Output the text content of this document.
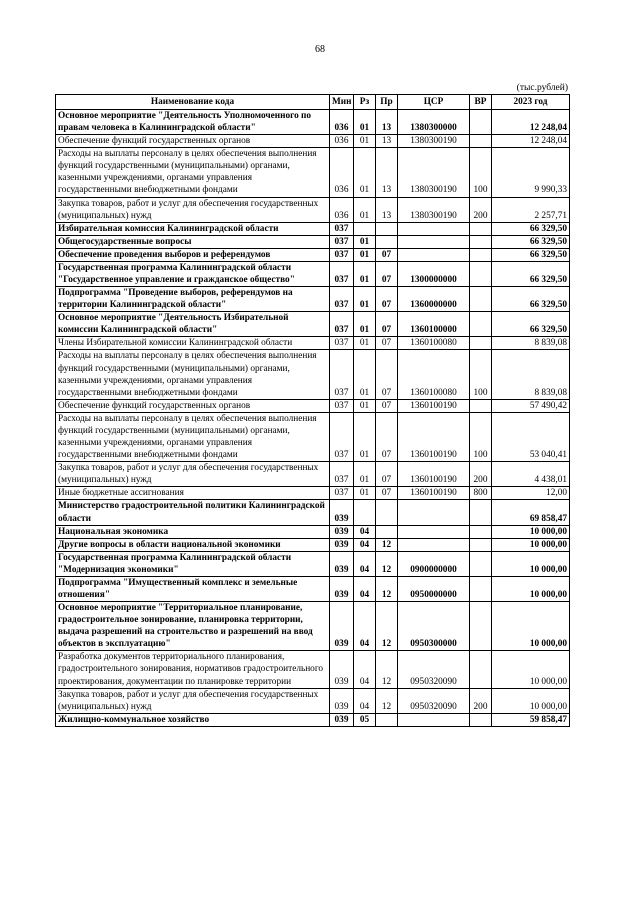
68
(тыс.рублей)
Наименование кода	Мин	Рз	Пр	ЦСР	ВР	2023 год
Основное мероприятие "Деятельность Уполномоченного по правам человека в Калининградской области"	036	01	13	1380300000		12 248,04
Обеспечение функций государственных органов	036	01	13	1380300190		12 248,04
Расходы на выплаты персоналу в целях обеспечения выполнения функций государственными (муниципальными) органами, казенными учреждениями, органами управления государственными внебюджетными фондами	036	01	13	1380300190	100	9 990,33
Закупка товаров, работ и услуг для обеспечения государственных (муниципальных) нужд	036	01	13	1380300190	200	2 257,71
Избирательная комиссия Калининградской области	037					66 329,50
Общегосударственные вопросы	037	01				66 329,50
Обеспечение проведения выборов и референдумов	037	01	07			66 329,50
Государственная программа Калининградской области "Государственное управление и гражданское общество"	037	01	07	1300000000		66 329,50
Подпрограмма "Проведение выборов, референдумов на территории Калининградской области"	037	01	07	1360000000		66 329,50
Основное мероприятие "Деятельность Избирательной комиссии Калининградской области"	037	01	07	1360100000		66 329,50
Члены Избирательной комиссии Калининградской области	037	01	07	1360100080		8 839,08
Расходы на выплаты персоналу в целях обеспечения выполнения функций государственными (муниципальными) органами, казенными учреждениями, органами управления государственными внебюджетными фондами	037	01	07	1360100080	100	8 839,08
Обеспечение функций государственных органов	037	01	07	1360100190		57 490,42
Расходы на выплаты персоналу в целях обеспечения выполнения функций государственными (муниципальными) органами, казенными учреждениями, органами управления государственными внебюджетными фондами	037	01	07	1360100190	100	53 040,41
Закупка товаров, работ и услуг для обеспечения государственных (муниципальных) нужд	037	01	07	1360100190	200	4 438,01
Иные бюджетные ассигнования	037	01	07	1360100190	800	12,00
Министерство градостроительной политики Калининградской области	039					69 858,47
Национальная экономика	039	04				10 000,00
Другие вопросы в области национальной экономики	039	04	12			10 000,00
Государственная программа Калининградской области "Модернизация экономики"	039	04	12	0900000000		10 000,00
Подпрограмма "Имущественный комплекс и земельные отношения"	039	04	12	0950000000		10 000,00
Основное мероприятие "Территориальное планирование, градостроительное зонирование, планировка территории, выдача разрешений на строительство и разрешений на ввод объектов в эксплуатацию"	039	04	12	0950300000		10 000,00
Разработка документов территориального планирования, градостроительного зонирования, нормативов градостроительного проектирования, документации по планировке территории	039	04	12	0950320090		10 000,00
Закупка товаров, работ и услуг для обеспечения государственных (муниципальных) нужд	039	04	12	0950320090	200	10 000,00
Жилищно-коммунальное хозяйство	039	05				59 858,47
